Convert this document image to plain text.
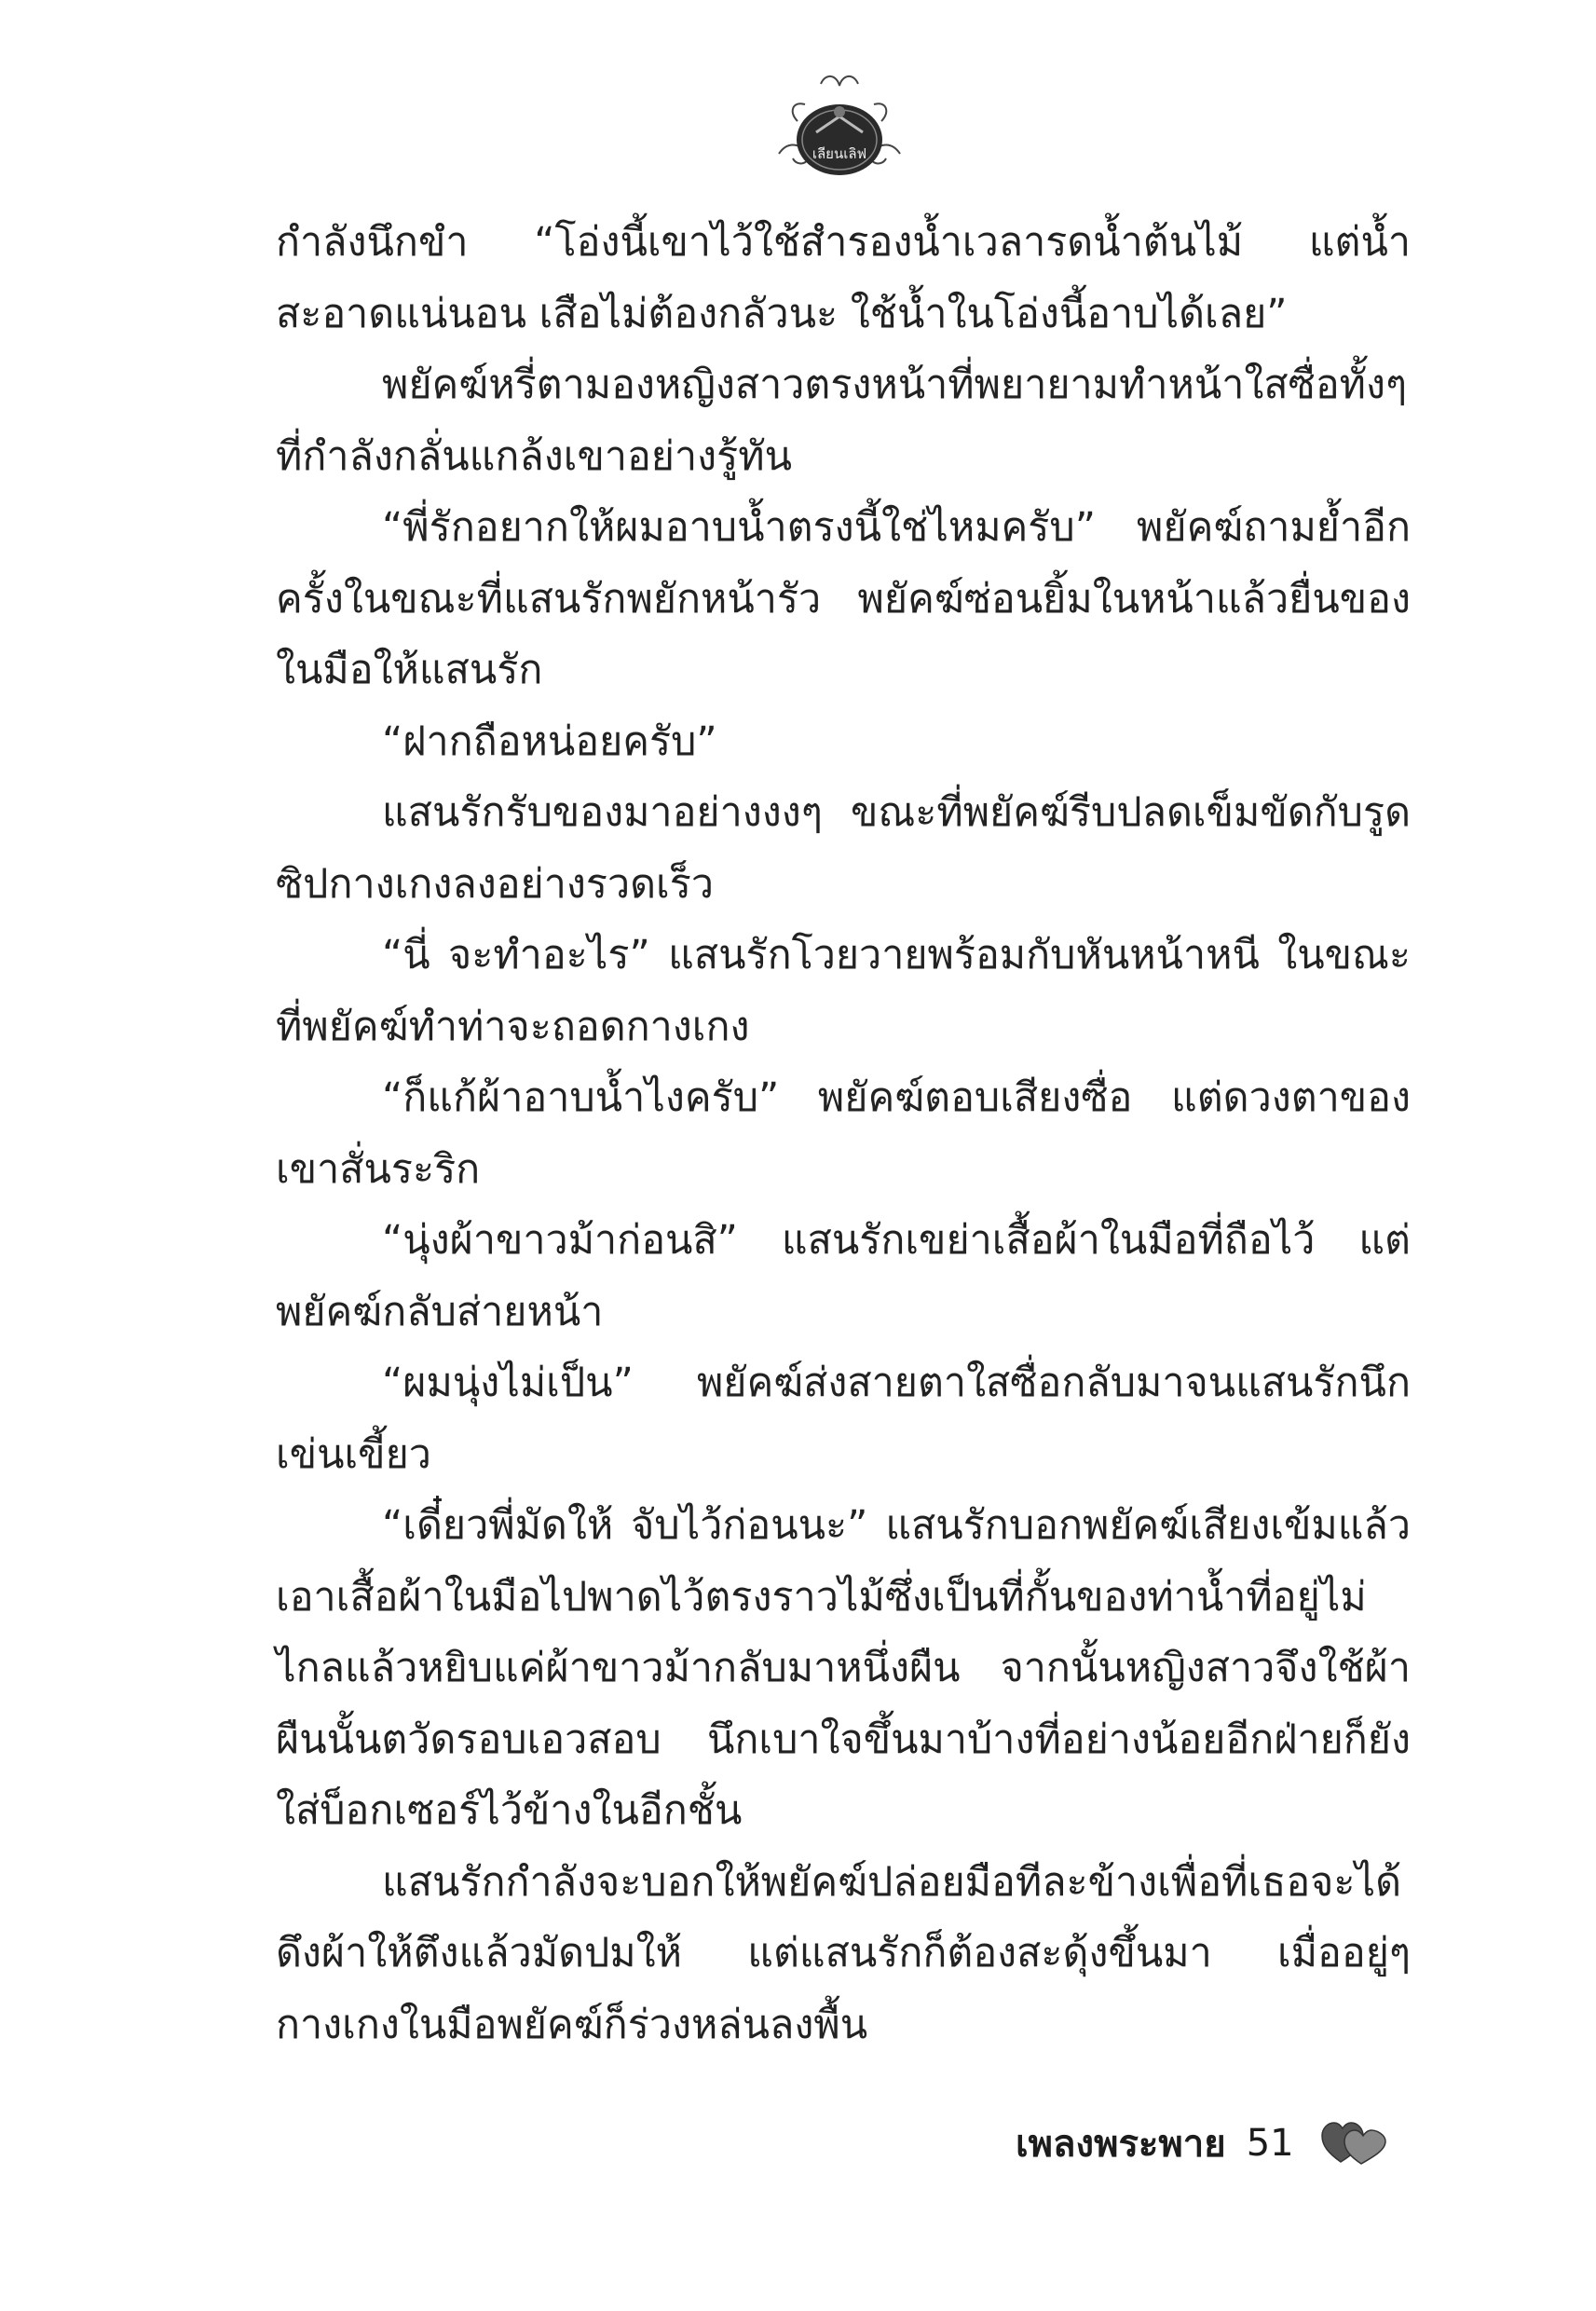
เลียนเลิฟ

กำลังนึกขำ “โอ่งนี้เขาไว้ใช้สำรองน้ำเวลารดน้ำต้นไม้ แต่น้ำสะอาดแน่นอน เสือไม่ต้องกลัวนะ ใช้น้ำในโอ่งนี้อาบได้เลย”

พยัคฆ์หรี่ตามองหญิงสาวตรงหน้าที่พยายามทำหน้าใสซื่อทั้งๆ ที่กำลังกลั่นแกล้งเขาอย่างรู้ทัน

“พี่รักอยากให้ผมอาบน้ำตรงนี้ใช่ไหมครับ” พยัคฆ์ถามย้ำอีกครั้งในขณะที่แสนรักพยักหน้ารัว พยัคฆ์ซ่อนยิ้มในหน้าแล้วยื่นของในมือให้แสนรัก

“ฝากถือหน่อยครับ”

แสนรักรับของมาอย่างงงๆ ขณะที่พยัคฆ์รีบปลดเข็มขัดกับรูดซิปกางเกงลงอย่างรวดเร็ว

“นี่ จะทำอะไร” แสนรักโวยวายพร้อมกับหันหน้าหนี ในขณะที่พยัคฆ์ทำท่าจะถอดกางเกง

“ก็แก้ผ้าอาบน้ำไงครับ” พยัคฆ์ตอบเสียงซื่อ แต่ดวงตาของเขาสั่นระริก

“นุ่งผ้าขาวม้าก่อนสิ” แสนรักเขย่าเสื้อผ้าในมือที่ถือไว้ แต่พยัคฆ์กลับส่ายหน้า

“ผมนุ่งไม่เป็น” พยัคฆ์ส่งสายตาใสซื่อกลับมาจนแสนรักนึกเข่นเขี้ยว

“เดี๋ยวพี่มัดให้ จับไว้ก่อนนะ” แสนรักบอกพยัคฆ์เสียงเข้มแล้วเอาเสื้อผ้าในมือไปพาดไว้ตรงราวไม้ซึ่งเป็นที่กั้นของท่าน้ำที่อยู่ไม่ไกลแล้วหยิบแค่ผ้าขาวม้ากลับมาหนึ่งผืน จากนั้นหญิงสาวจึงใช้ผ้าผืนนั้นตวัดรอบเอวสอบ นึกเบาใจขึ้นมาบ้างที่อย่างน้อยอีกฝ่ายก็ยังใส่บ็อกเซอร์ไว้ข้างในอีกชั้น

แสนรักกำลังจะบอกให้พยัคฆ์ปล่อยมือทีละข้างเพื่อที่เธอจะได้ดึงผ้าให้ตึงแล้วมัดปมให้ แต่แสนรักก็ต้องสะดุ้งขึ้นมา เมื่ออยู่ๆ กางเกงในมือพยัคฆ์ก็ร่วงหล่นลงพื้น

เพลงพระพาย 51
